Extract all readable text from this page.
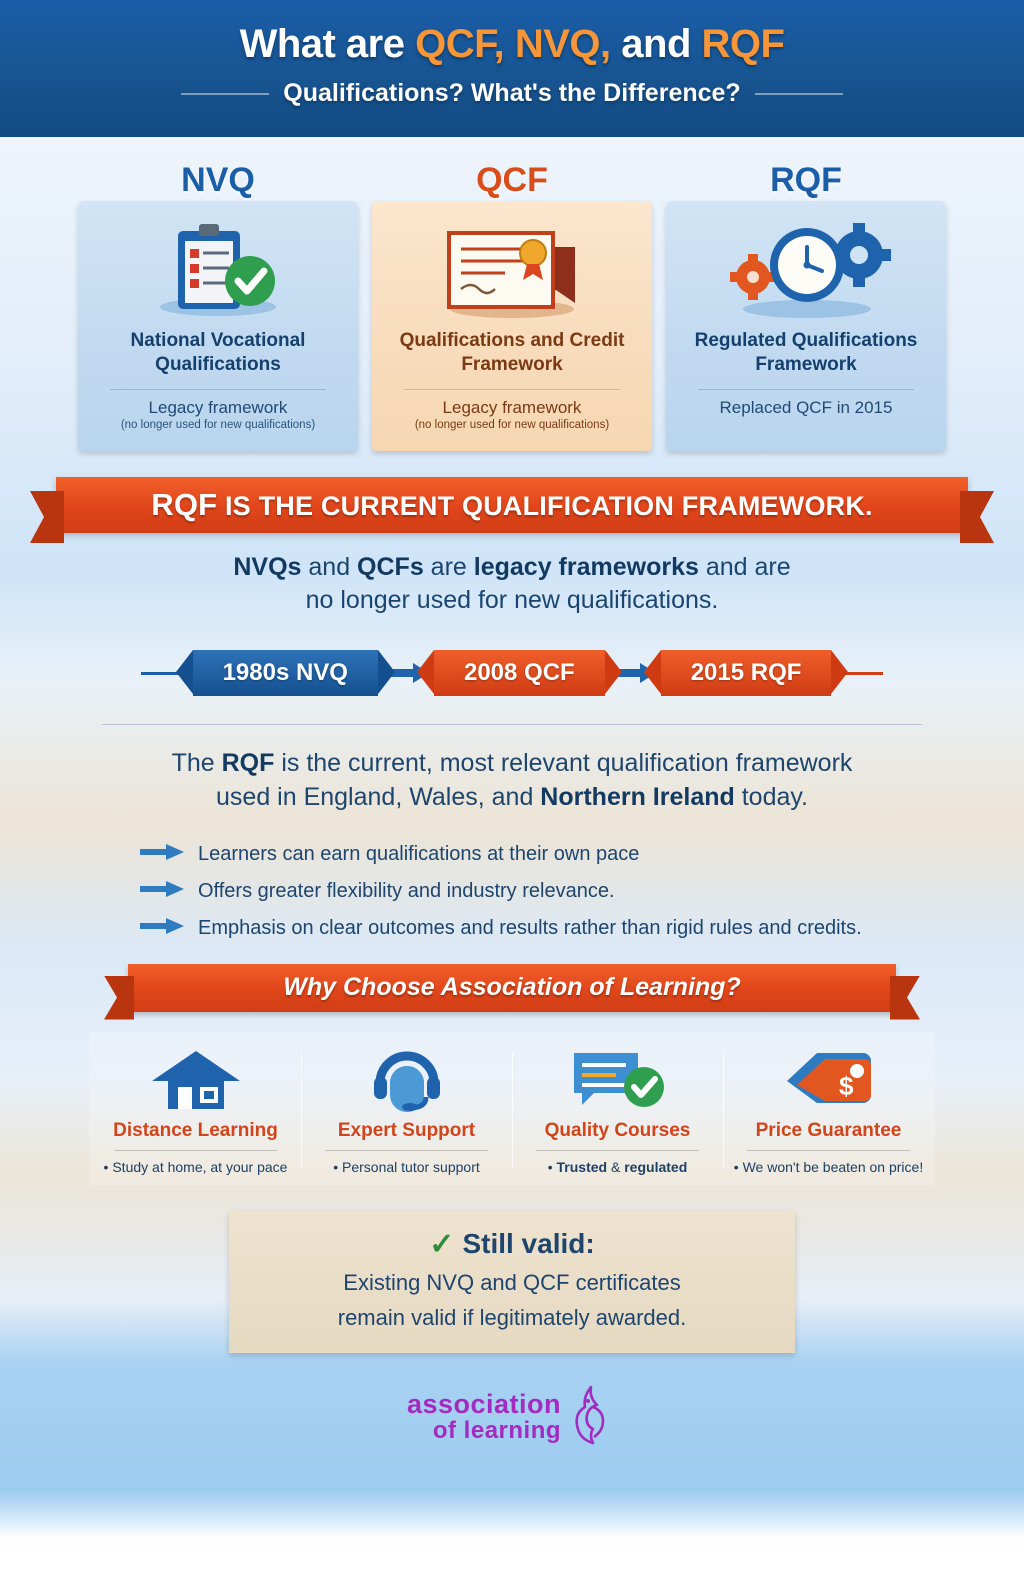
What are QCF, NVQ, and RQF
Qualifications? What's the Difference?
NVQ
National Vocational Qualifications
Legacy framework
(no longer used for new qualifications)
QCF
Qualifications and Credit Framework
Legacy framework
(no longer used for new qualifications)
RQF
Regulated Qualifications Framework
Replaced QCF in 2015
RQF IS THE CURRENT QUALIFICATION FRAMEWORK.
NVQs and QCFs are legacy frameworks and are
no longer used for new qualifications.
1980s NVQ	2008 QCF	2015 RQF
The RQF is the current, most relevant qualification framework
used in England, Wales, and Northern Ireland today.
Learners can earn qualifications at their own pace
Offers greater flexibility and industry relevance.
Emphasis on clear outcomes and results rather than rigid rules and credits.
Why Choose Association of Learning?
Distance Learning
• Study at home, at your pace
Expert Support
• Personal tutor support
Quality Courses
• Trusted & regulated
$
Price Guarantee
• We won't be beaten on price!
✓ Still valid:
Existing NVQ and QCF certificates
remain valid if legitimately awarded.
association
of learning
